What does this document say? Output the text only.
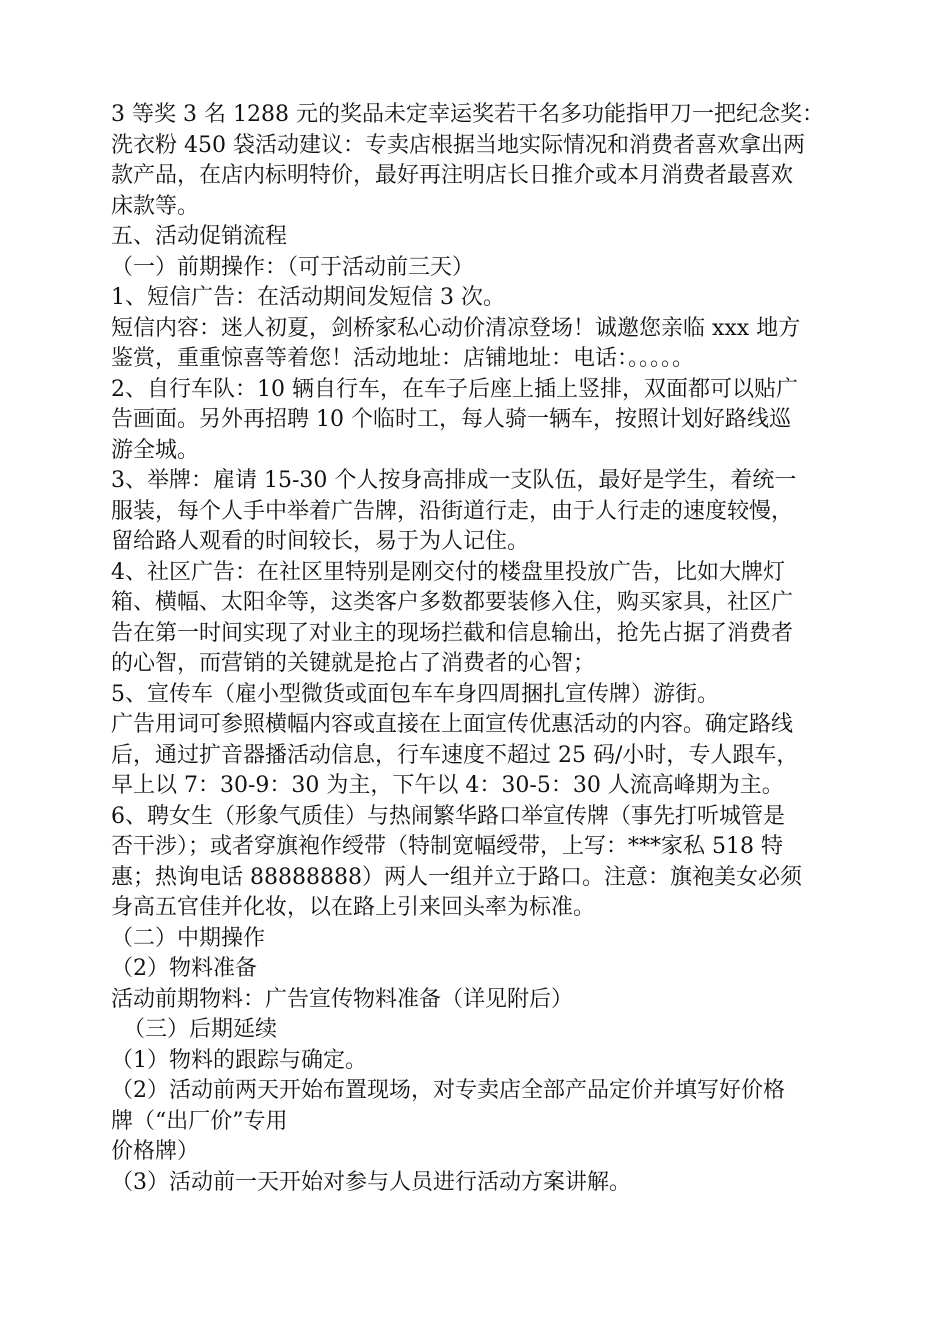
3 等奖 3 名 1288 元的奖品未定幸运奖若干名多功能指甲刀一把纪念奖：

洗衣粉 450 袋活动建议：专卖店根据当地实际情况和消费者喜欢拿出两

款产品，在店内标明特价，最好再注明店长日推介或本月消费者最喜欢

床款等。

五、活动促销流程

（一）前期操作：（可于活动前三天）

1、短信广告：在活动期间发短信 3 次。

短信内容：迷人初夏，剑桥家私心动价清凉登场！诚邀您亲临 xxx 地方

鉴赏，重重惊喜等着您！活动地址：店铺地址：电话：。。。。。

2、自行车队：10 辆自行车，在车子后座上插上竖排，双面都可以贴广

告画面。另外再招聘 10 个临时工，每人骑一辆车，按照计划好路线巡

游全城。

3、举牌：雇请 15-30 个人按身高排成一支队伍，最好是学生，着统一

服装，每个人手中举着广告牌，沿街道行走，由于人行走的速度较慢，

留给路人观看的时间较长，易于为人记住。

4、社区广告：在社区里特别是刚交付的楼盘里投放广告，比如大牌灯

箱、横幅、太阳伞等，这类客户多数都要装修入住，购买家具，社区广

告在第一时间实现了对业主的现场拦截和信息输出，抢先占据了消费者

的心智，而营销的关键就是抢占了消费者的心智；

5、宣传车（雇小型微货或面包车车身四周捆扎宣传牌）游街。

广告用词可参照横幅内容或直接在上面宣传优惠活动的内容。确定路线

后，通过扩音器播活动信息，行车速度不超过 25 码/小时，专人跟车，

早上以 7：30-9：30 为主，下午以 4：30-5：30 人流高峰期为主。

6、聘女生（形象气质佳）与热闹繁华路口举宣传牌（事先打听城管是

否干涉）；或者穿旗袍作绶带（特制宽幅绶带，上写：***家私 518 特

惠；热询电话 88888888）两人一组并立于路口。注意：旗袍美女必须

身高五官佳并化妆，以在路上引来回头率为标准。

（二）中期操作

（2）物料准备

活动前期物料：广告宣传物料准备（详见附后）

（三）后期延续

（1）物料的跟踪与确定。

（2）活动前两天开始布置现场，对专卖店全部产品定价并填写好价格

牌（“出厂价”专用

价格牌）

（3）活动前一天开始对参与人员进行活动方案讲解。
